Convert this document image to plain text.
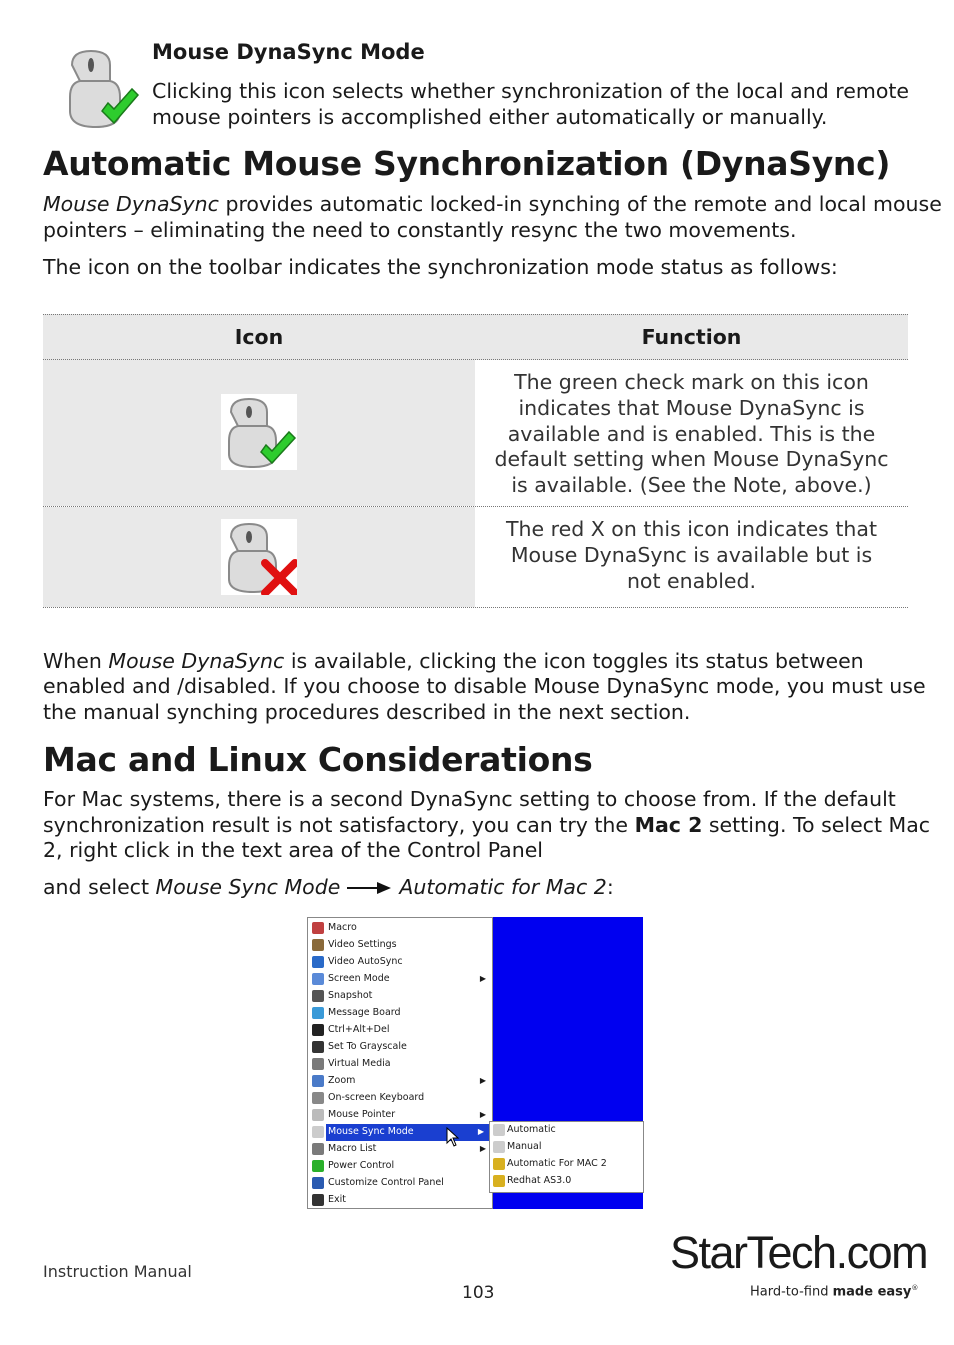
Mouse DynaSync Mode
Clicking this icon selects whether synchronization of the local and remote
mouse pointers is accomplished either automatically or manually.
Automatic Mouse Synchronization (DynaSync)
Mouse DynaSync provides automatic locked-in synching of the remote and local mouse
pointers – eliminating the need to constantly resync the two movements.
The icon on the toolbar indicates the synchronization mode status as follows:
Icon	Function
The green check mark on this icon
indicates that Mouse DynaSync is
available and is enabled. This is the
default setting when Mouse DynaSync
is available. (See the Note, above.)
The red X on this icon indicates that
Mouse DynaSync is available but is
not enabled.
When Mouse DynaSync is available, clicking the icon toggles its status between
enabled and /disabled. If you choose to disable Mouse DynaSync mode, you must use
the manual synching procedures described in the next section.
Mac and Linux Considerations
For Mac systems, there is a second DynaSync setting to choose from. If the default
synchronization result is not satisfactory, you can try the Mac 2 setting. To select Mac
2, right click in the text area of the Control Panel
and select Mouse Sync Mode	Automatic for Mac 2:
Macro
Video Settings
Video AutoSync
Screen Mode	▶
Snapshot
Message Board
Ctrl+Alt+Del
Set To Grayscale
Virtual Media
Zoom	▶
On-screen Keyboard
Mouse Pointer	▶
Mouse Sync Mode	▶
Macro List	▶
Power Control
Customize Control Panel
Exit
Automatic
Manual
Automatic For MAC 2
Redhat AS3.0
Instruction Manual
103
StarTech.com
Hard-to-find made easy®
